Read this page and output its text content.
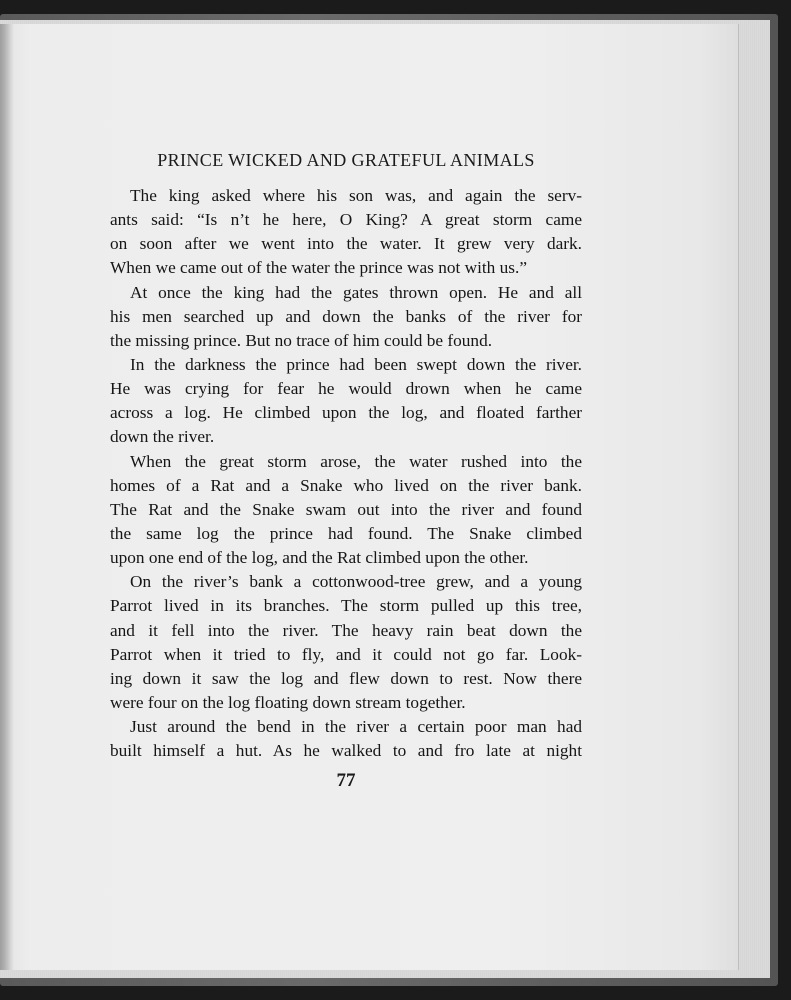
PRINCE WICKED AND GRATEFUL ANIMALS
The king asked where his son was, and again the serv-
ants said: “Is n’t he here, O King? A great storm came
on soon after we went into the water. It grew very dark.
When we came out of the water the prince was not with us.”
At once the king had the gates thrown open. He and all
his men searched up and down the banks of the river for
the missing prince. But no trace of him could be found.
In the darkness the prince had been swept down the river.
He was crying for fear he would drown when he came
across a log. He climbed upon the log, and floated farther
down the river.
When the great storm arose, the water rushed into the
homes of a Rat and a Snake who lived on the river bank.
The Rat and the Snake swam out into the river and found
the same log the prince had found. The Snake climbed
upon one end of the log, and the Rat climbed upon the other.
On the river’s bank a cottonwood-tree grew, and a young
Parrot lived in its branches. The storm pulled up this tree,
and it fell into the river. The heavy rain beat down the
Parrot when it tried to fly, and it could not go far. Look-
ing down it saw the log and flew down to rest. Now there
were four on the log floating down stream together.
Just around the bend in the river a certain poor man had
built himself a hut. As he walked to and fro late at night
77
